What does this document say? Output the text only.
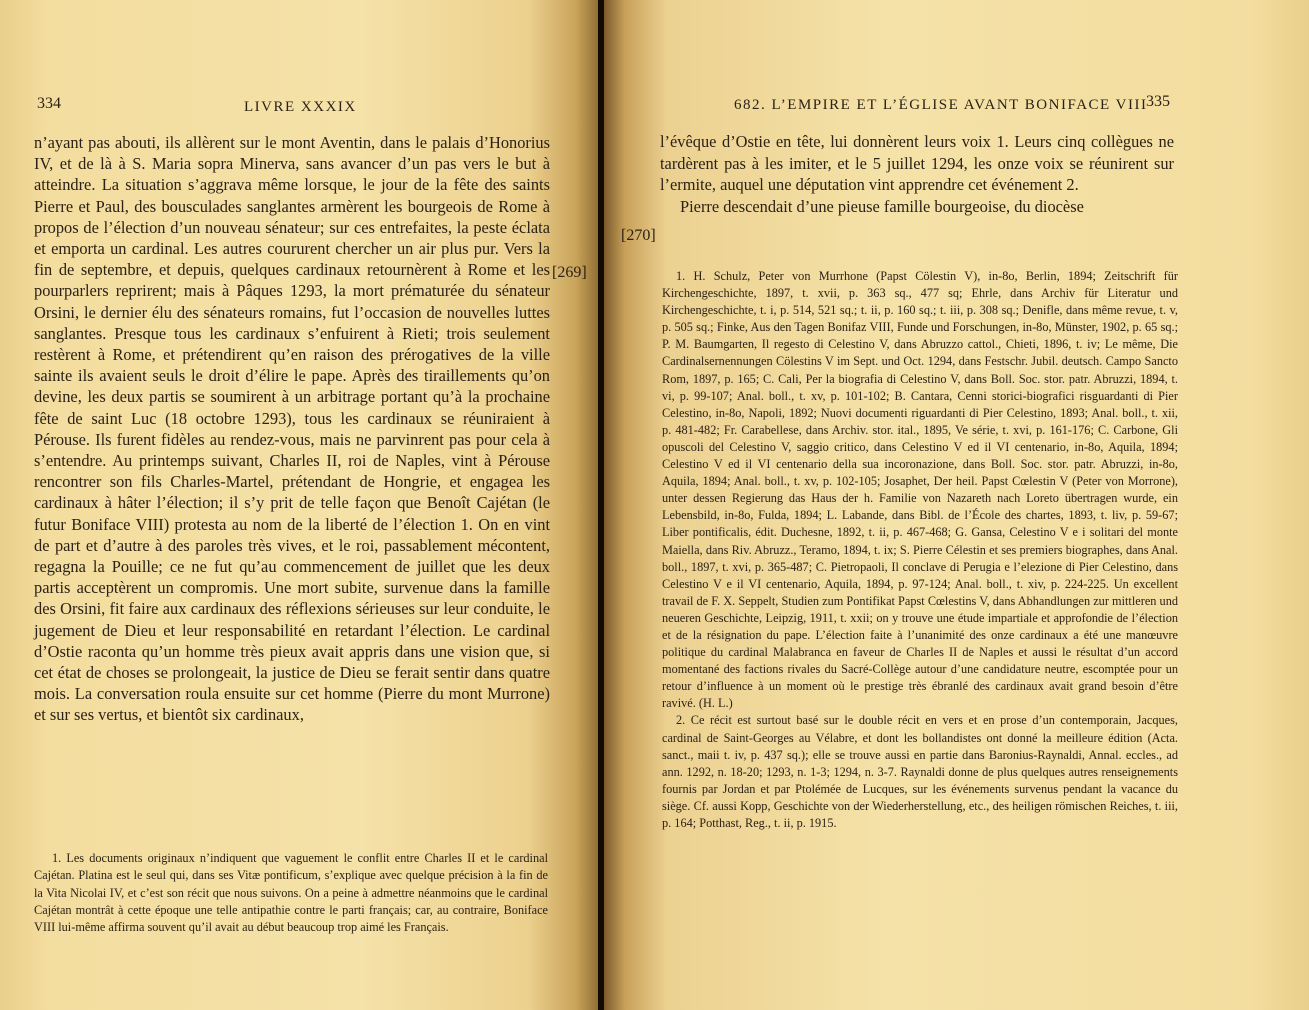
334	LIVRE XXXIX

n’ayant pas abouti, ils allèrent sur le mont Aventin, dans le palais d’Honorius IV, et de là à S. Maria sopra Minerva, sans avancer d’un pas vers le but à atteindre. La situation s’aggrava même lorsque, le jour de la fête des saints Pierre et Paul, des bousculades sanglantes armèrent les bourgeois de Rome à propos de l’élection d’un nouveau sénateur; sur ces entrefaites, la peste éclata et emporta un cardinal. Les autres coururent chercher un air plus pur. Vers la fin de septembre, et depuis, quelques cardinaux retournèrent à Rome et les pourparlers reprirent; mais à Pâques 1293, la mort prématurée du sénateur Orsini, le dernier élu des sénateurs romains, fut l’occasion de nouvelles luttes sanglantes. Presque tous les cardinaux s’enfuirent à Rieti; trois seulement restèrent à Rome, et prétendirent qu’en raison des prérogatives de la ville sainte ils avaient seuls le droit d’élire le pape. Après des tiraillements qu’on devine, les deux partis se soumirent à un arbitrage portant qu’à la prochaine fête de saint Luc (18 octobre 1293), tous les cardinaux se réuniraient à Pérouse. Ils furent fidèles au rendez-vous, mais ne parvinrent pas pour cela à s’entendre. Au printemps suivant, Charles II, roi de Naples, vint à Pérouse rencontrer son fils Charles-Martel, prétendant de Hongrie, et engagea les cardinaux à hâter l’élection; il s’y prit de telle façon que Benoît Cajétan (le futur Boniface VIII) protesta au nom de la liberté de l’élection 1. On en vint de part et d’autre à des paroles très vives, et le roi, passablement mécontent, regagna la Pouille; ce ne fut qu’au commencement de juillet que les deux partis acceptèrent un compromis. Une mort subite, survenue dans la famille des Orsini, fit faire aux cardinaux des réflexions sérieuses sur leur conduite, le jugement de Dieu et leur responsabilité en retardant l’élection. Le cardinal d’Ostie raconta qu’un homme très pieux avait appris dans une vision que, si cet état de choses se prolongeait, la justice de Dieu se ferait sentir dans quatre mois. La conversation roula ensuite sur cet homme (Pierre du mont Murrone) et sur ses vertus, et bientôt six cardinaux,

1. Les documents originaux n’indiquent que vaguement le conflit entre Charles II et le cardinal Cajétan. Platina est le seul qui, dans ses Vitæ pontificum, s’explique avec quelque précision à la fin de la Vita Nicolai IV, et c’est son récit que nous suivons. On a peine à admettre néanmoins que le cardinal Cajétan montrât à cette époque une telle antipathie contre le parti français; car, au contraire, Boniface VIII lui-même affirma souvent qu’il avait au début beaucoup trop aimé les Français.
[269]
682. L’EMPIRE ET L’ÉGLISE AVANT BONIFACE VIII
335

l’évêque d’Ostie en tête, lui donnèrent leurs voix 1. Leurs cinq collègues ne tardèrent pas à les imiter, et le 5 juillet 1294, les onze voix se réunirent sur l’ermite, auquel une députation vint apprendre cet événement 2.

Pierre descendait d’une pieuse famille bourgeoise, du diocèse

[270]

1. H. Schulz, Peter von Murrhone (Papst Cölestin V), in-8o, Berlin, 1894; Zeitschrift für Kirchengeschichte, 1897, t. xvii, p. 363 sq., 477 sq; Ehrle, dans Archiv für Literatur und Kirchengeschichte, t. i, p. 514, 521 sq.; t. ii, p. 160 sq.; t. iii, p. 308 sq.; Denifle, dans même revue, t. v, p. 505 sq.; Finke, Aus den Tagen Bonifaz VIII, Funde und Forschungen, in-8o, Münster, 1902, p. 65 sq.; P. M. Baumgarten, Il regesto di Celestino V, dans Abruzzo cattol., Chieti, 1896, t. iv; Le même, Die Cardinalsernennungen Cölestins V im Sept. und Oct. 1294, dans Festschr. Jubil. deutsch. Campo Sancto Rom, 1897, p. 165; C. Cali, Per la biografia di Celestino V, dans Boll. Soc. stor. patr. Abruzzi, 1894, t. vi, p. 99-107; Anal. boll., t. xv, p. 101-102; B. Cantara, Cenni storici-biografici risguardanti di Pier Celestino, in-8o, Napoli, 1892; Nuovi documenti riguardanti di Pier Celestino, 1893; Anal. boll., t. xii, p. 481-482; Fr. Carabellese, dans Archiv. stor. ital., 1895, Ve série, t. xvi, p. 161-176; C. Carbone, Gli opuscoli del Celestino V, saggio critico, dans Celestino V ed il VI centenario, in-8o, Aquila, 1894; Celestino V ed il VI centenario della sua incoronazione, dans Boll. Soc. stor. patr. Abruzzi, in-8o, Aquila, 1894; Anal. boll., t. xv, p. 102-105; Josaphet, Der heil. Papst Cœlestin V (Peter von Morrone), unter dessen Regierung das Haus der h. Familie von Nazareth nach Loreto übertragen wurde, ein Lebensbild, in-8o, Fulda, 1894; L. Labande, dans Bibl. de l’École des chartes, 1893, t. liv, p. 59-67; Liber pontificalis, édit. Duchesne, 1892, t. ii, p. 467-468; G. Gansa, Celestino V e i solitari del monte Maiella, dans Riv. Abruzz., Teramo, 1894, t. ix; S. Pierre Célestin et ses premiers biographes, dans Anal. boll., 1897, t. xvi, p. 365-487; C. Pietropaoli, Il conclave di Perugia e l’elezione di Pier Celestino, dans Celestino V e il VI centenario, Aquila, 1894, p. 97-124; Anal. boll., t. xiv, p. 224-225. Un excellent travail de F. X. Seppelt, Studien zum Pontifikat Papst Cœlestins V, dans Abhandlungen zur mittleren und neueren Geschichte, Leipzig, 1911, t. xxii; on y trouve une étude impartiale et approfondie de l’élection et de la résignation du pape. L’élection faite à l’unanimité des onze cardinaux a été une manœuvre politique du cardinal Malabranca en faveur de Charles II de Naples et aussi le résultat d’un accord momentané des factions rivales du Sacré-Collège autour d’une candidature neutre, escomptée pour un retour d’influence à un moment où le prestige très ébranlé des cardinaux avait grand besoin d’être ravivé. (H. L.)

2. Ce récit est surtout basé sur le double récit en vers et en prose d’un contemporain, Jacques, cardinal de Saint-Georges au Vélabre, et dont les bollandistes ont donné la meilleure édition (Acta. sanct., maii t. iv, p. 437 sq.); elle se trouve aussi en partie dans Baronius-Raynaldi, Annal. eccles., ad ann. 1292, n. 18-20; 1293, n. 1-3; 1294, n. 3-7. Raynaldi donne de plus quelques autres renseignements fournis par Jordan et par Ptolémée de Lucques, sur les événements survenus pendant la vacance du siège. Cf. aussi Kopp, Geschichte von der Wiederherstellung, etc., des heiligen römischen Reiches, t. iii, p. 164; Potthast, Reg., t. ii, p. 1915.
